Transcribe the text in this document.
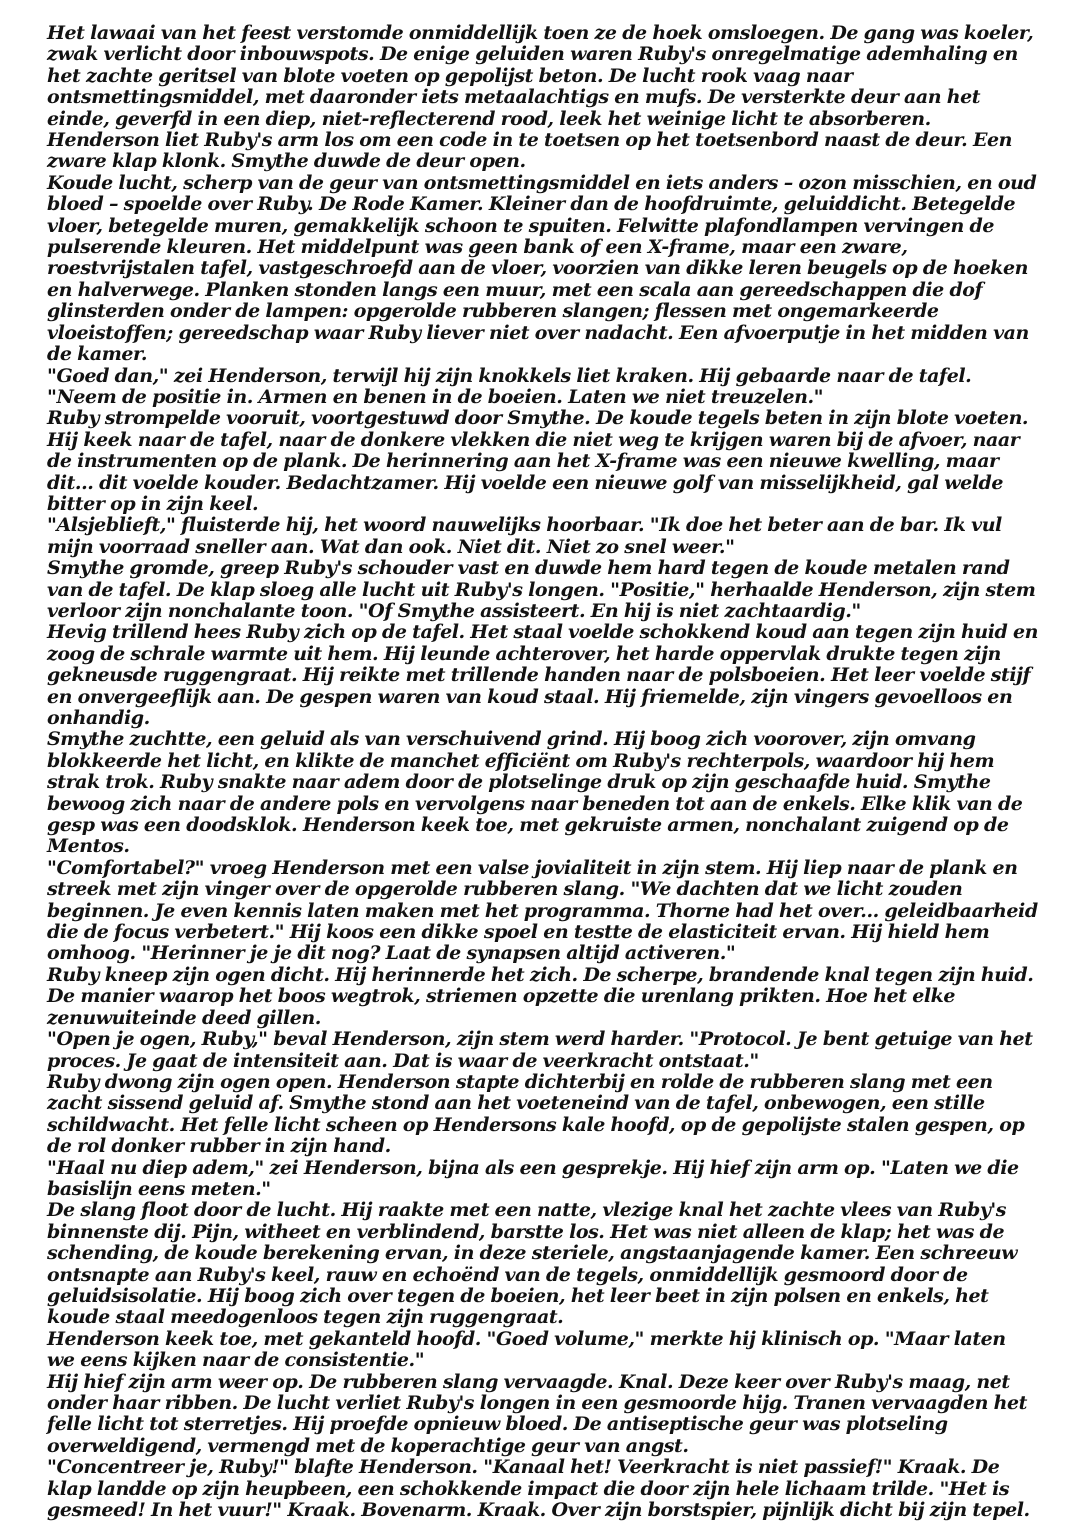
Het lawaai van het feest verstomde onmiddellijk toen ze de hoek omsloegen. De gang was koeler, zwak verlicht door inbouwspots. De enige geluiden waren Ruby's onregelmatige ademhaling en het zachte geritsel van blote voeten op gepolijst beton. De lucht rook vaag naar ontsmettingsmiddel, met daaronder iets metaalachtigs en mufs. De versterkte deur aan het einde, geverfd in een diep, niet-reflecterend rood, leek het weinige licht te absorberen.

Henderson liet Ruby's arm los om een code in te toetsen op het toetsenbord naast de deur. Een zware klap klonk. Smythe duwde de deur open.

Koude lucht, scherp van de geur van ontsmettingsmiddel en iets anders – ozon misschien, en oud bloed – spoelde over Ruby. De Rode Kamer. Kleiner dan de hoofdruimte, geluiddicht. Betegelde vloer, betegelde muren, gemakkelijk schoon te spuiten. Felwitte plafondlampen vervingen de pulserende kleuren. Het middelpunt was geen bank of een X-frame, maar een zware, roestvrijstalen tafel, vastgeschroefd aan de vloer, voorzien van dikke leren beugels op de hoeken en halverwege. Planken stonden langs een muur, met een scala aan gereedschappen die dof glinsterden onder de lampen: opgerolde rubberen slangen; flessen met ongemarkeerde vloeistoffen; gereedschap waar Ruby liever niet over nadacht. Een afvoerputje in het midden van de kamer.

"Goed dan," zei Henderson, terwijl hij zijn knokkels liet kraken. Hij gebaarde naar de tafel. "Neem de positie in. Armen en benen in de boeien. Laten we niet treuzelen."

Ruby strompelde vooruit, voortgestuwd door Smythe. De koude tegels beten in zijn blote voeten. Hij keek naar de tafel, naar de donkere vlekken die niet weg te krijgen waren bij de afvoer, naar de instrumenten op de plank. De herinnering aan het X-frame was een nieuwe kwelling, maar dit... dit voelde kouder. Bedachtzamer. Hij voelde een nieuwe golf van misselijkheid, gal welde bitter op in zijn keel.

"Alsjeblieft," fluisterde hij, het woord nauwelijks hoorbaar. "Ik doe het beter aan de bar. Ik vul mijn voorraad sneller aan. Wat dan ook. Niet dit. Niet zo snel weer."

Smythe gromde, greep Ruby's schouder vast en duwde hem hard tegen de koude metalen rand van de tafel. De klap sloeg alle lucht uit Ruby's longen. "Positie," herhaalde Henderson, zijn stem verloor zijn nonchalante toon. "Of Smythe assisteert. En hij is niet zachtaardig."

Hevig trillend hees Ruby zich op de tafel. Het staal voelde schokkend koud aan tegen zijn huid en zoog de schrale warmte uit hem. Hij leunde achterover, het harde oppervlak drukte tegen zijn gekneusde ruggengraat. Hij reikte met trillende handen naar de polsboeien. Het leer voelde stijf en onvergeeflijk aan. De gespen waren van koud staal. Hij friemelde, zijn vingers gevoelloos en onhandig.

Smythe zuchtte, een geluid als van verschuivend grind. Hij boog zich voorover, zijn omvang blokkeerde het licht, en klikte de manchet efficiënt om Ruby's rechterpols, waardoor hij hem strak trok. Ruby snakte naar adem door de plotselinge druk op zijn geschaafde huid. Smythe bewoog zich naar de andere pols en vervolgens naar beneden tot aan de enkels. Elke klik van de gesp was een doodsklok. Henderson keek toe, met gekruiste armen, nonchalant zuigend op de Mentos.

"Comfortabel?" vroeg Henderson met een valse jovialiteit in zijn stem. Hij liep naar de plank en streek met zijn vinger over de opgerolde rubberen slang. "We dachten dat we licht zouden beginnen. Je even kennis laten maken met het programma. Thorne had het over... geleidbaarheid die de focus verbetert." Hij koos een dikke spoel en testte de elasticiteit ervan. Hij hield hem omhoog. "Herinner je je dit nog? Laat de synapsen altijd activeren."

Ruby kneep zijn ogen dicht. Hij herinnerde het zich. De scherpe, brandende knal tegen zijn huid. De manier waarop het boos wegtrok, striemen opzette die urenlang prikten. Hoe het elke zenuwuiteinde deed gillen.

"Open je ogen, Ruby," beval Henderson, zijn stem werd harder. "Protocol. Je bent getuige van het proces. Je gaat de intensiteit aan. Dat is waar de veerkracht ontstaat."

Ruby dwong zijn ogen open. Henderson stapte dichterbij en rolde de rubberen slang met een zacht sissend geluid af. Smythe stond aan het voeteneind van de tafel, onbewogen, een stille schildwacht. Het felle licht scheen op Hendersons kale hoofd, op de gepolijste stalen gespen, op de rol donker rubber in zijn hand.

"Haal nu diep adem," zei Henderson, bijna als een gesprekje. Hij hief zijn arm op. "Laten we die basislijn eens meten."

De slang floot door de lucht. Hij raakte met een natte, vlezige knal het zachte vlees van Ruby's binnenste dij. Pijn, witheet en verblindend, barstte los. Het was niet alleen de klap; het was de schending, de koude berekening ervan, in deze steriele, angstaanjagende kamer. Een schreeuw ontsnapte aan Ruby's keel, rauw en echoënd van de tegels, onmiddellijk gesmoord door de geluidsisolatie. Hij boog zich over tegen de boeien, het leer beet in zijn polsen en enkels, het koude staal meedogenloos tegen zijn ruggengraat.

Henderson keek toe, met gekanteld hoofd. "Goed volume," merkte hij klinisch op. "Maar laten we eens kijken naar de consistentie."

Hij hief zijn arm weer op. De rubberen slang vervaagde. Knal. Deze keer over Ruby's maag, net onder haar ribben. De lucht verliet Ruby's longen in een gesmoorde hijg. Tranen vervaagden het felle licht tot sterretjes. Hij proefde opnieuw bloed. De antiseptische geur was plotseling overweldigend, vermengd met de koperachtige geur van angst.

"Concentreer je, Ruby!" blafte Henderson. "Kanaal het! Veerkracht is niet passief!" Kraak. De klap landde op zijn heupbeen, een schokkende impact die door zijn hele lichaam trilde. "Het is gesmeed! In het vuur!" Kraak. Bovenarm. Kraak. Over zijn borstspier, pijnlijk dicht bij zijn tepel.
